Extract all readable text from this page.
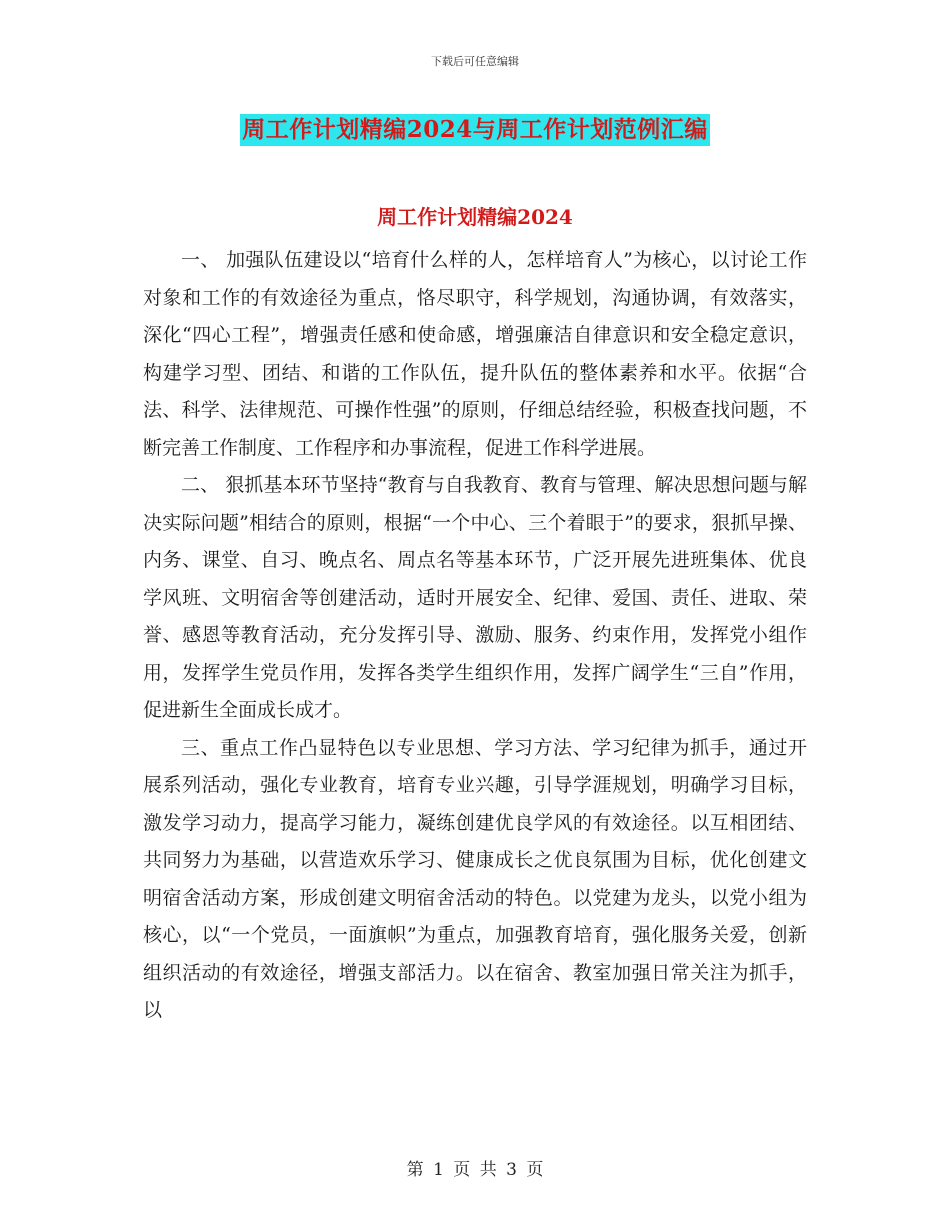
下载后可任意编辑
周工作计划精编2024与周工作计划范例汇编
周工作计划精编2024

一、 加强队伍建设以“培育什么样的人，怎样培育人”为核心，以讨论工作对象和工作的有效途径为重点，恪尽职守，科学规划，沟通协调，有效落实，深化“四心工程”，增强责任感和使命感，增强廉洁自律意识和安全稳定意识，构建学习型、团结、和谐的工作队伍，提升队伍的整体素养和水平。依据“合法、科学、法律规范、可操作性强”的原则，仔细总结经验，积极查找问题，不断完善工作制度、工作程序和办事流程，促进工作科学进展。

二、 狠抓基本环节坚持“教育与自我教育、教育与管理、解决思想问题与解决实际问题”相结合的原则，根据“一个中心、三个着眼于”的要求，狠抓早操、内务、课堂、自习、晚点名、周点名等基本环节，广泛开展先进班集体、优良学风班、文明宿舍等创建活动，适时开展安全、纪律、爱国、责任、进取、荣誉、感恩等教育活动，充分发挥引导、激励、服务、约束作用，发挥党小组作用，发挥学生党员作用，发挥各类学生组织作用，发挥广阔学生“三自”作用，促进新生全面成长成才。

三、重点工作凸显特色以专业思想、学习方法、学习纪律为抓手，通过开展系列活动，强化专业教育，培育专业兴趣，引导学涯规划，明确学习目标，激发学习动力，提高学习能力，凝练创建优良学风的有效途径。以互相团结、共同努力为基础，以营造欢乐学习、健康成长之优良氛围为目标，优化创建文明宿舍活动方案，形成创建文明宿舍活动的特色。以党建为龙头，以党小组为核心，以“一个党员，一面旗帜”为重点，加强教育培育，强化服务关爱，创新组织活动的有效途径，增强支部活力。以在宿舍、教室加强日常关注为抓手，以

第 1 页 共 3 页
